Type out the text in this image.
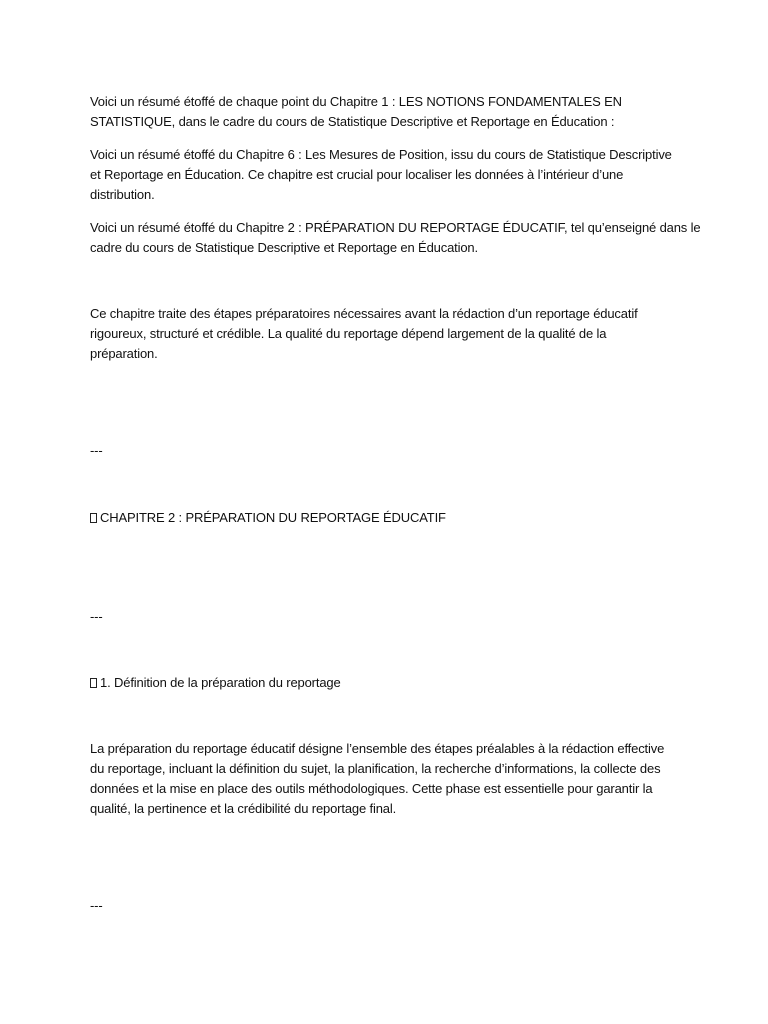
Voici un résumé étoffé de chaque point du Chapitre 1 : LES NOTIONS FONDAMENTALES EN
STATISTIQUE, dans le cadre du cours de Statistique Descriptive et Reportage en Éducation :
Voici un résumé étoffé du Chapitre 6 : Les Mesures de Position, issu du cours de Statistique Descriptive
et Reportage en Éducation. Ce chapitre est crucial pour localiser les données à l’intérieur d’une
distribution.
Voici un résumé étoffé du Chapitre 2 : PRÉPARATION DU REPORTAGE ÉDUCATIF, tel qu’enseigné dans le
cadre du cours de Statistique Descriptive et Reportage en Éducation.
Ce chapitre traite des étapes préparatoires nécessaires avant la rédaction d’un reportage éducatif
rigoureux, structuré et crédible. La qualité du reportage dépend largement de la qualité de la
préparation.
---
CHAPITRE 2 : PRÉPARATION DU REPORTAGE ÉDUCATIF
---
1. Définition de la préparation du reportage
La préparation du reportage éducatif désigne l’ensemble des étapes préalables à la rédaction effective
du reportage, incluant la définition du sujet, la planification, la recherche d’informations, la collecte des
données et la mise en place des outils méthodologiques. Cette phase est essentielle pour garantir la
qualité, la pertinence et la crédibilité du reportage final.
---
